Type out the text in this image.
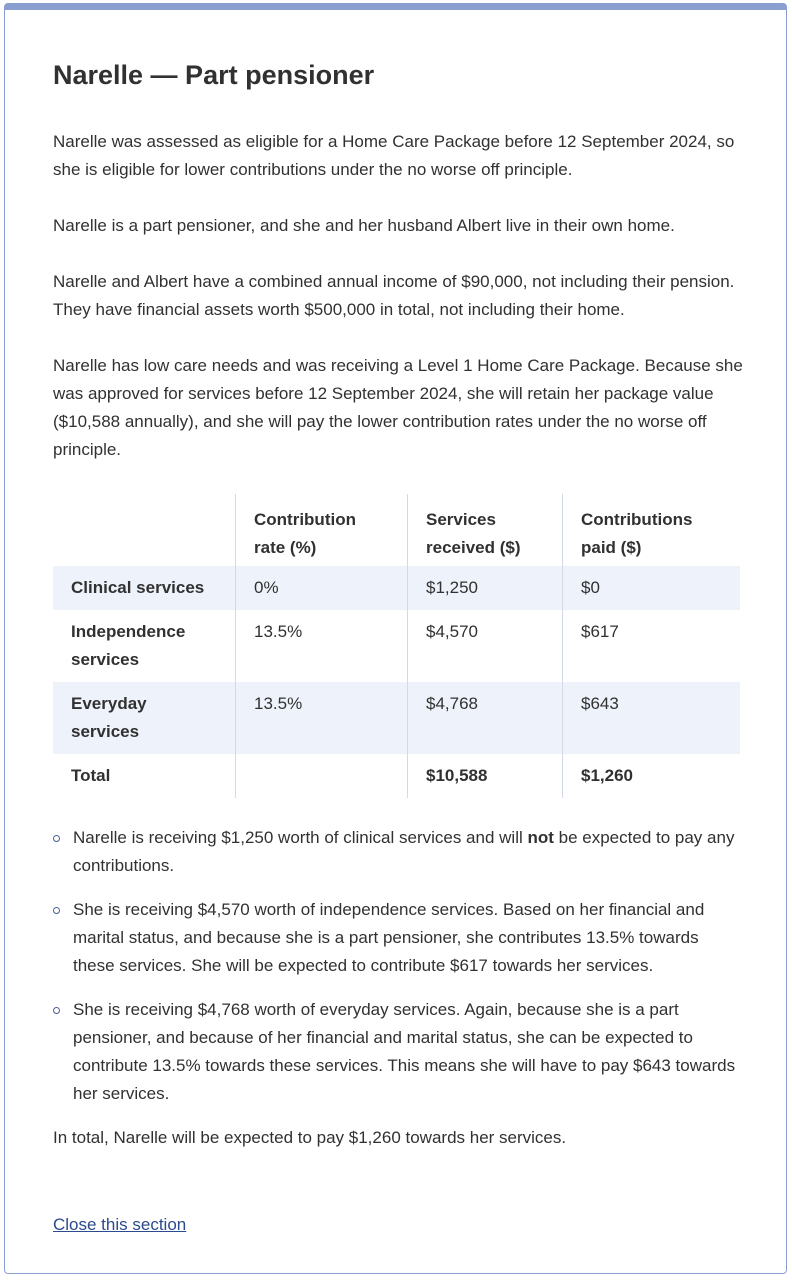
Narelle — Part pensioner

Narelle was assessed as eligible for a Home Care Package before 12 September 2024, so she is eligible for lower contributions under the no worse off principle.

Narelle is a part pensioner, and she and her husband Albert live in their own home.

Narelle and Albert have a combined annual income of $90,000, not including their pension. They have financial assets worth $500,000 in total, not including their home.

Narelle has low care needs and was receiving a Level 1 Home Care Package. Because she was approved for services before 12 September 2024, she will retain her package value ($10,588 annually), and she will pay the lower contribution rates under the no worse off principle.

	Contribution rate (%)	Services received ($)	Contributions paid ($)
Clinical services	0%	$1,250	$0
Independence services	13.5%	$4,570	$617
Everyday services	13.5%	$4,768	$643
Total		$10,588	$1,260
Narelle is receiving $1,250 worth of clinical services and will not be expected to pay any contributions.
She is receiving $4,570 worth of independence services. Based on her financial and marital status, and because she is a part pensioner, she contributes 13.5% towards these services. She will be expected to contribute $617 towards her services.
She is receiving $4,768 worth of everyday services. Again, because she is a part pensioner, and because of her financial and marital status, she can be expected to contribute 13.5% towards these services. This means she will have to pay $643 towards her services.

In total, Narelle will be expected to pay $1,260 towards her services.

Close this section
